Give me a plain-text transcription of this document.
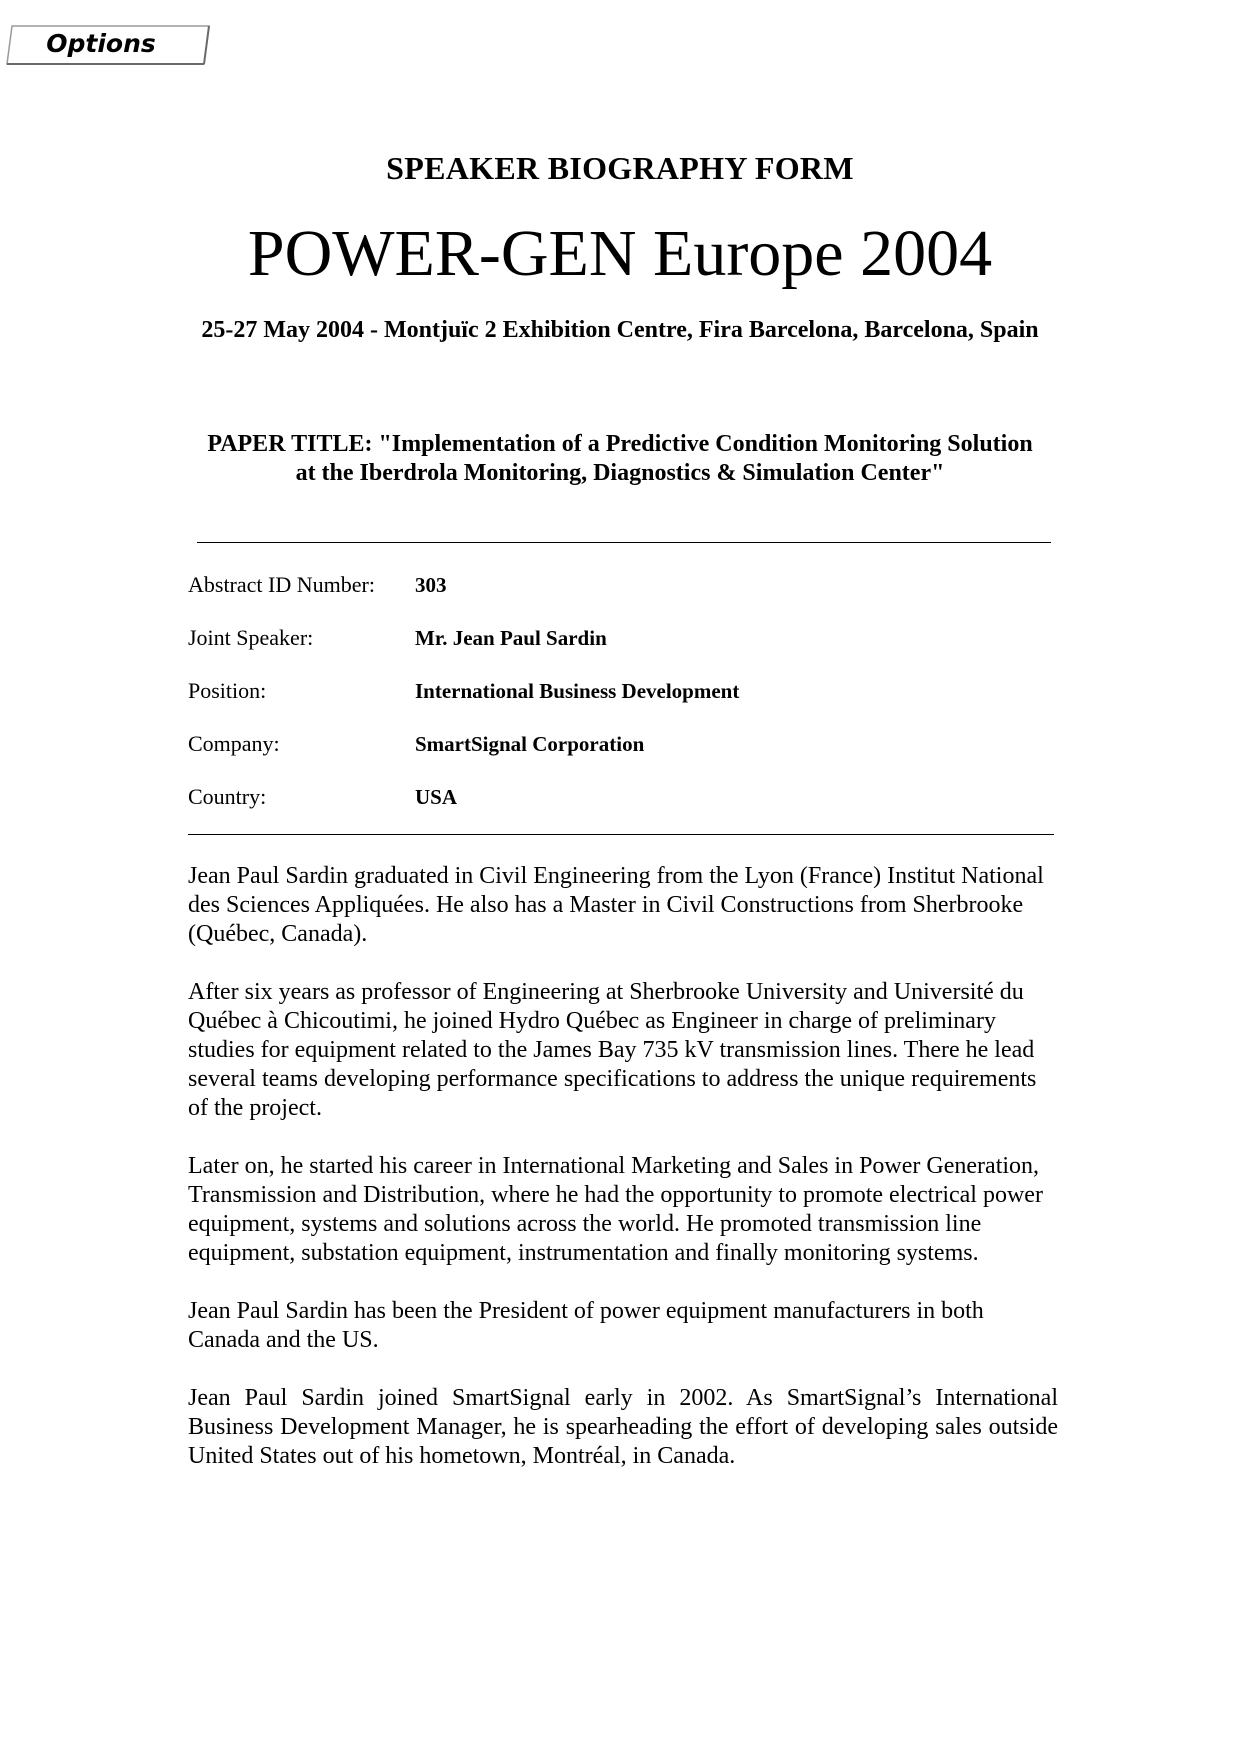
Options
SPEAKER BIOGRAPHY FORM
POWER-GEN Europe 2004
25-27 May 2004 - Montjuïc 2 Exhibition Centre, Fira Barcelona, Barcelona, Spain
PAPER TITLE: "Implementation of a Predictive Condition Monitoring Solution at the Iberdrola Monitoring, Diagnostics & Simulation Center"
Abstract ID Number: 303
Joint Speaker:	Mr. Jean Paul Sardin
Position:	International Business Development
Company:	SmartSignal Corporation
Country:	USA

Jean Paul Sardin graduated in Civil Engineering from the Lyon (France) Institut National des Sciences Appliquées. He also has a Master in Civil Constructions from Sherbrooke (Québec, Canada).

After six years as professor of Engineering at Sherbrooke University and Université du Québec à Chicoutimi, he joined Hydro Québec as Engineer in charge of preliminary studies for equipment related to the James Bay 735 kV transmission lines. There he lead several teams developing performance specifications to address the unique requirements of the project.

Later on, he started his career in International Marketing and Sales in Power Generation, Transmission and Distribution, where he had the opportunity to promote electrical power equipment, systems and solutions across the world. He promoted transmission line equipment, substation equipment, instrumentation and finally monitoring systems.

Jean Paul Sardin has been the President of power equipment manufacturers in both Canada and the US.

Jean Paul Sardin joined SmartSignal early in 2002. As SmartSignal’s International Business Development Manager, he is spearheading the effort of developing sales outside United States out of his hometown, Montréal, in Canada.
